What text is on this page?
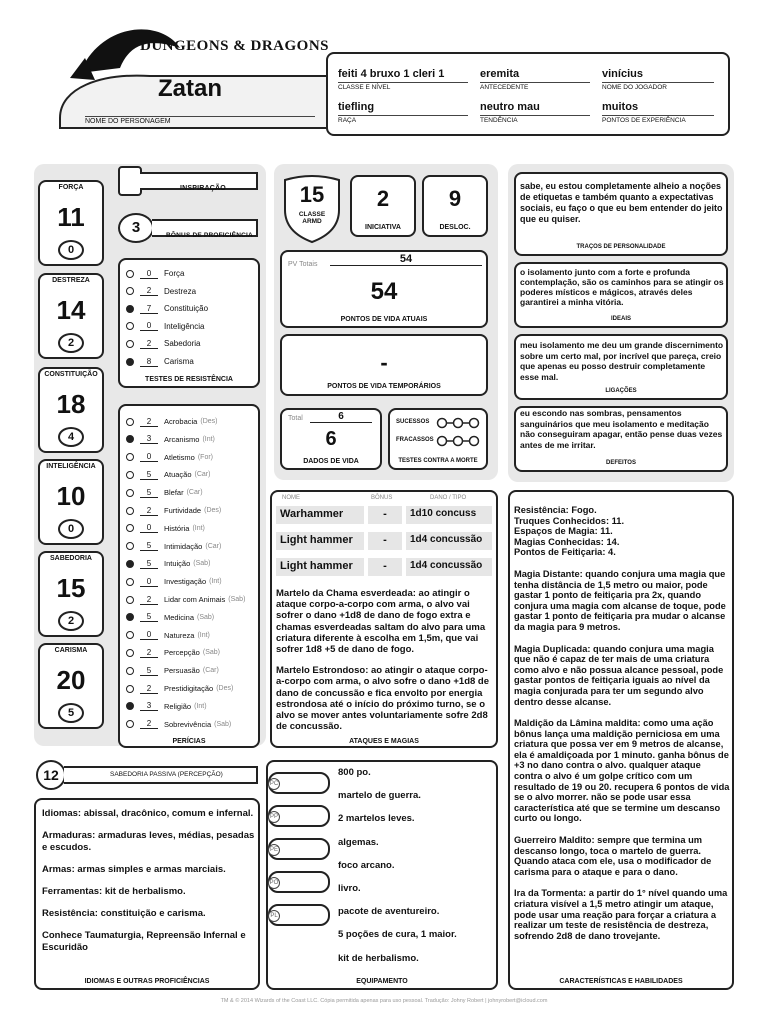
DUNGEONS & DRAGONS
Zatan
NOME DO PERSONAGEM
feiti 4 bruxo 1 cleri 1
CLASSE E NÍVEL
eremita
ANTECEDENTE
vinícius
NOME DO JOGADOR
tiefling
RAÇA
neutro mau
TENDÊNCIA
muitos
PONTOS DE EXPERIÊNCIA
FORÇA
11
0
DESTREZA
14
2
CONSTITUIÇÃO
18
4
INTELIGÊNCIA
10
0
SABEDORIA
15
2
CARISMA
20
5
INSPIRAÇÃO
3	BÔNUS DE PROFICIÊNCIA
0	Força
2	Destreza
7	Constituição
0	Inteligência
2	Sabedoria
8	Carisma
TESTES DE RESISTÊNCIA
2	Acrobacia (Des)
3	Arcanismo (Int)
0	Atletismo (For)
5	Atuação (Car)
5	Blefar (Car)
2	Furtividade (Des)
0	História (Int)
5	Intimidação (Car)
5	Intuição (Sab)
0	Investigação (Int)
2	Lidar com Animais (Sab)
5	Medicina (Sab)
0	Natureza (Int)
2	Percepção (Sab)
5	Persuasão (Car)
2	Prestidigitação (Des)
3	Religião (Int)
2	Sobrevivência (Sab)
PERÍCIAS
12	SABEDORIA PASSIVA (PERCEPÇÃO)
Idiomas: abissal, dracônico, comum e infernal.
Armaduras: armaduras leves, médias, pesadas e escudos.
Armas: armas simples e armas marciais.
Ferramentas: kit de herbalismo.
Resistência: constituição e carisma.
Conhece Taumaturgia, Repreensão Infernal e Escuridão
IDIOMAS E OUTRAS PROFICIÊNCIAS
15
CLASSE ARMD
2
INICIATIVA
9
DESLOC.
PV Totais	54
54
PONTOS DE VIDA ATUAIS
-
PONTOS DE VIDA TEMPORÁRIOS
Total	6
6
DADOS DE VIDA
SUCESSOS
FRACASSOS
TESTES CONTRA A MORTE
NOME	BÔNUS	DANO / TIPO
Warhammer	-	1d10 concuss
Light hammer	-	1d4 concussão
Light hammer	-	1d4 concussão
Martelo da Chama esverdeada: ao atingir o ataque corpo-a-corpo com arma, o alvo vai sofrer o dano +1d8 de dano de fogo extra e chamas esverdeadas saltam do alvo para uma criatura diferente à escolha em 1,5m, que vai sofrer 1d8 +5 de dano de fogo.
Martelo Estrondoso: ao atingir o ataque corpo-a-corpo com arma, o alvo sofre o dano +1d8 de dano de concussão e fica envolto por energia estrondosa até o início do próximo turno, se o alvo se mover antes voluntariamente sofre 2d8 de concussão.
ATAQUES E MAGIAS
PC
PP
PE
PO
PL
800 po.
martelo de guerra.
2 martelos leves.
algemas.
foco arcano.
livro.
pacote de aventureiro.
5 poções de cura, 1 maior.
kit de herbalismo.
EQUIPAMENTO
sabe, eu estou completamente alheio a noções de etiquetas e também quanto a expectativas sociais, eu faço o que eu bem entender do jeito que eu quiser.
TRAÇOS DE PERSONALIDADE
o isolamento junto com a forte e profunda contemplação, são os caminhos para se atingir os poderes místicos e mágicos, através deles garantirei a minha vitória.
IDEAIS
meu isolamento me deu um grande discernimento sobre um certo mal, por incrível que pareça, creio que apenas eu posso destruir completamente esse mal.
LIGAÇÕES
eu escondo nas sombras, pensamentos sanguinários que meu isolamento e meditação não conseguiram apagar, então pense duas vezes antes de me irritar.
DEFEITOS
Resistência: Fogo.
Truques Conhecidos: 11.
Espaços de Magia: 11.
Magias Conhecidas: 14.
Pontos de Feitiçaria: 4.
Magia Distante: quando conjura uma magia que tenha distância de 1,5 metro ou maior, pode gastar 1 ponto de feitiçaria pra 2x, quando conjura uma magia com alcanse de toque, pode gastar 1 ponto de feitiçaria pra mudar o alcanse da magia para 9 metros.
Magia Duplicada: quando conjura uma magia que não é capaz de ter mais de uma criatura como alvo e não possua alcance pessoal, pode gastar pontos de feitiçaria iguais ao nível da magia conjurada para ter um segundo alvo dentro desse alcanse.
Maldição da Lâmina maldita: como uma ação bônus lança uma maldição perniciosa em uma criatura que possa ver em 9 metros de alcanse, ela é amaldiçoada por 1 minuto. ganha bônus de +3 no dano contra o alvo. qualquer ataque contra o alvo é um golpe crítico com um resultado de 19 ou 20. recupera 6 pontos de vida se o alvo morrer. não se pode usar essa característica até que se termine um descanso curto ou longo.
Guerreiro Maldito: sempre que termina um descanso longo, toca o martelo de guerra. Quando ataca com ele, usa o modificador de carisma para o ataque e para o dano.
Ira da Tormenta: a partir do 1° nível quando uma criatura visível a 1,5 metro atingir um ataque, pode usar uma reação para forçar a criatura a realizar um teste de resistência de destreza, sofrendo 2d8 de dano trovejante.
CARACTERÍSTICAS E HABILIDADES
TM & © 2014 Wizards of the Coast LLC. Cópia permitida apenas para uso pessoal. Tradução: Johny Robert | johnyrobert@icloud.com
